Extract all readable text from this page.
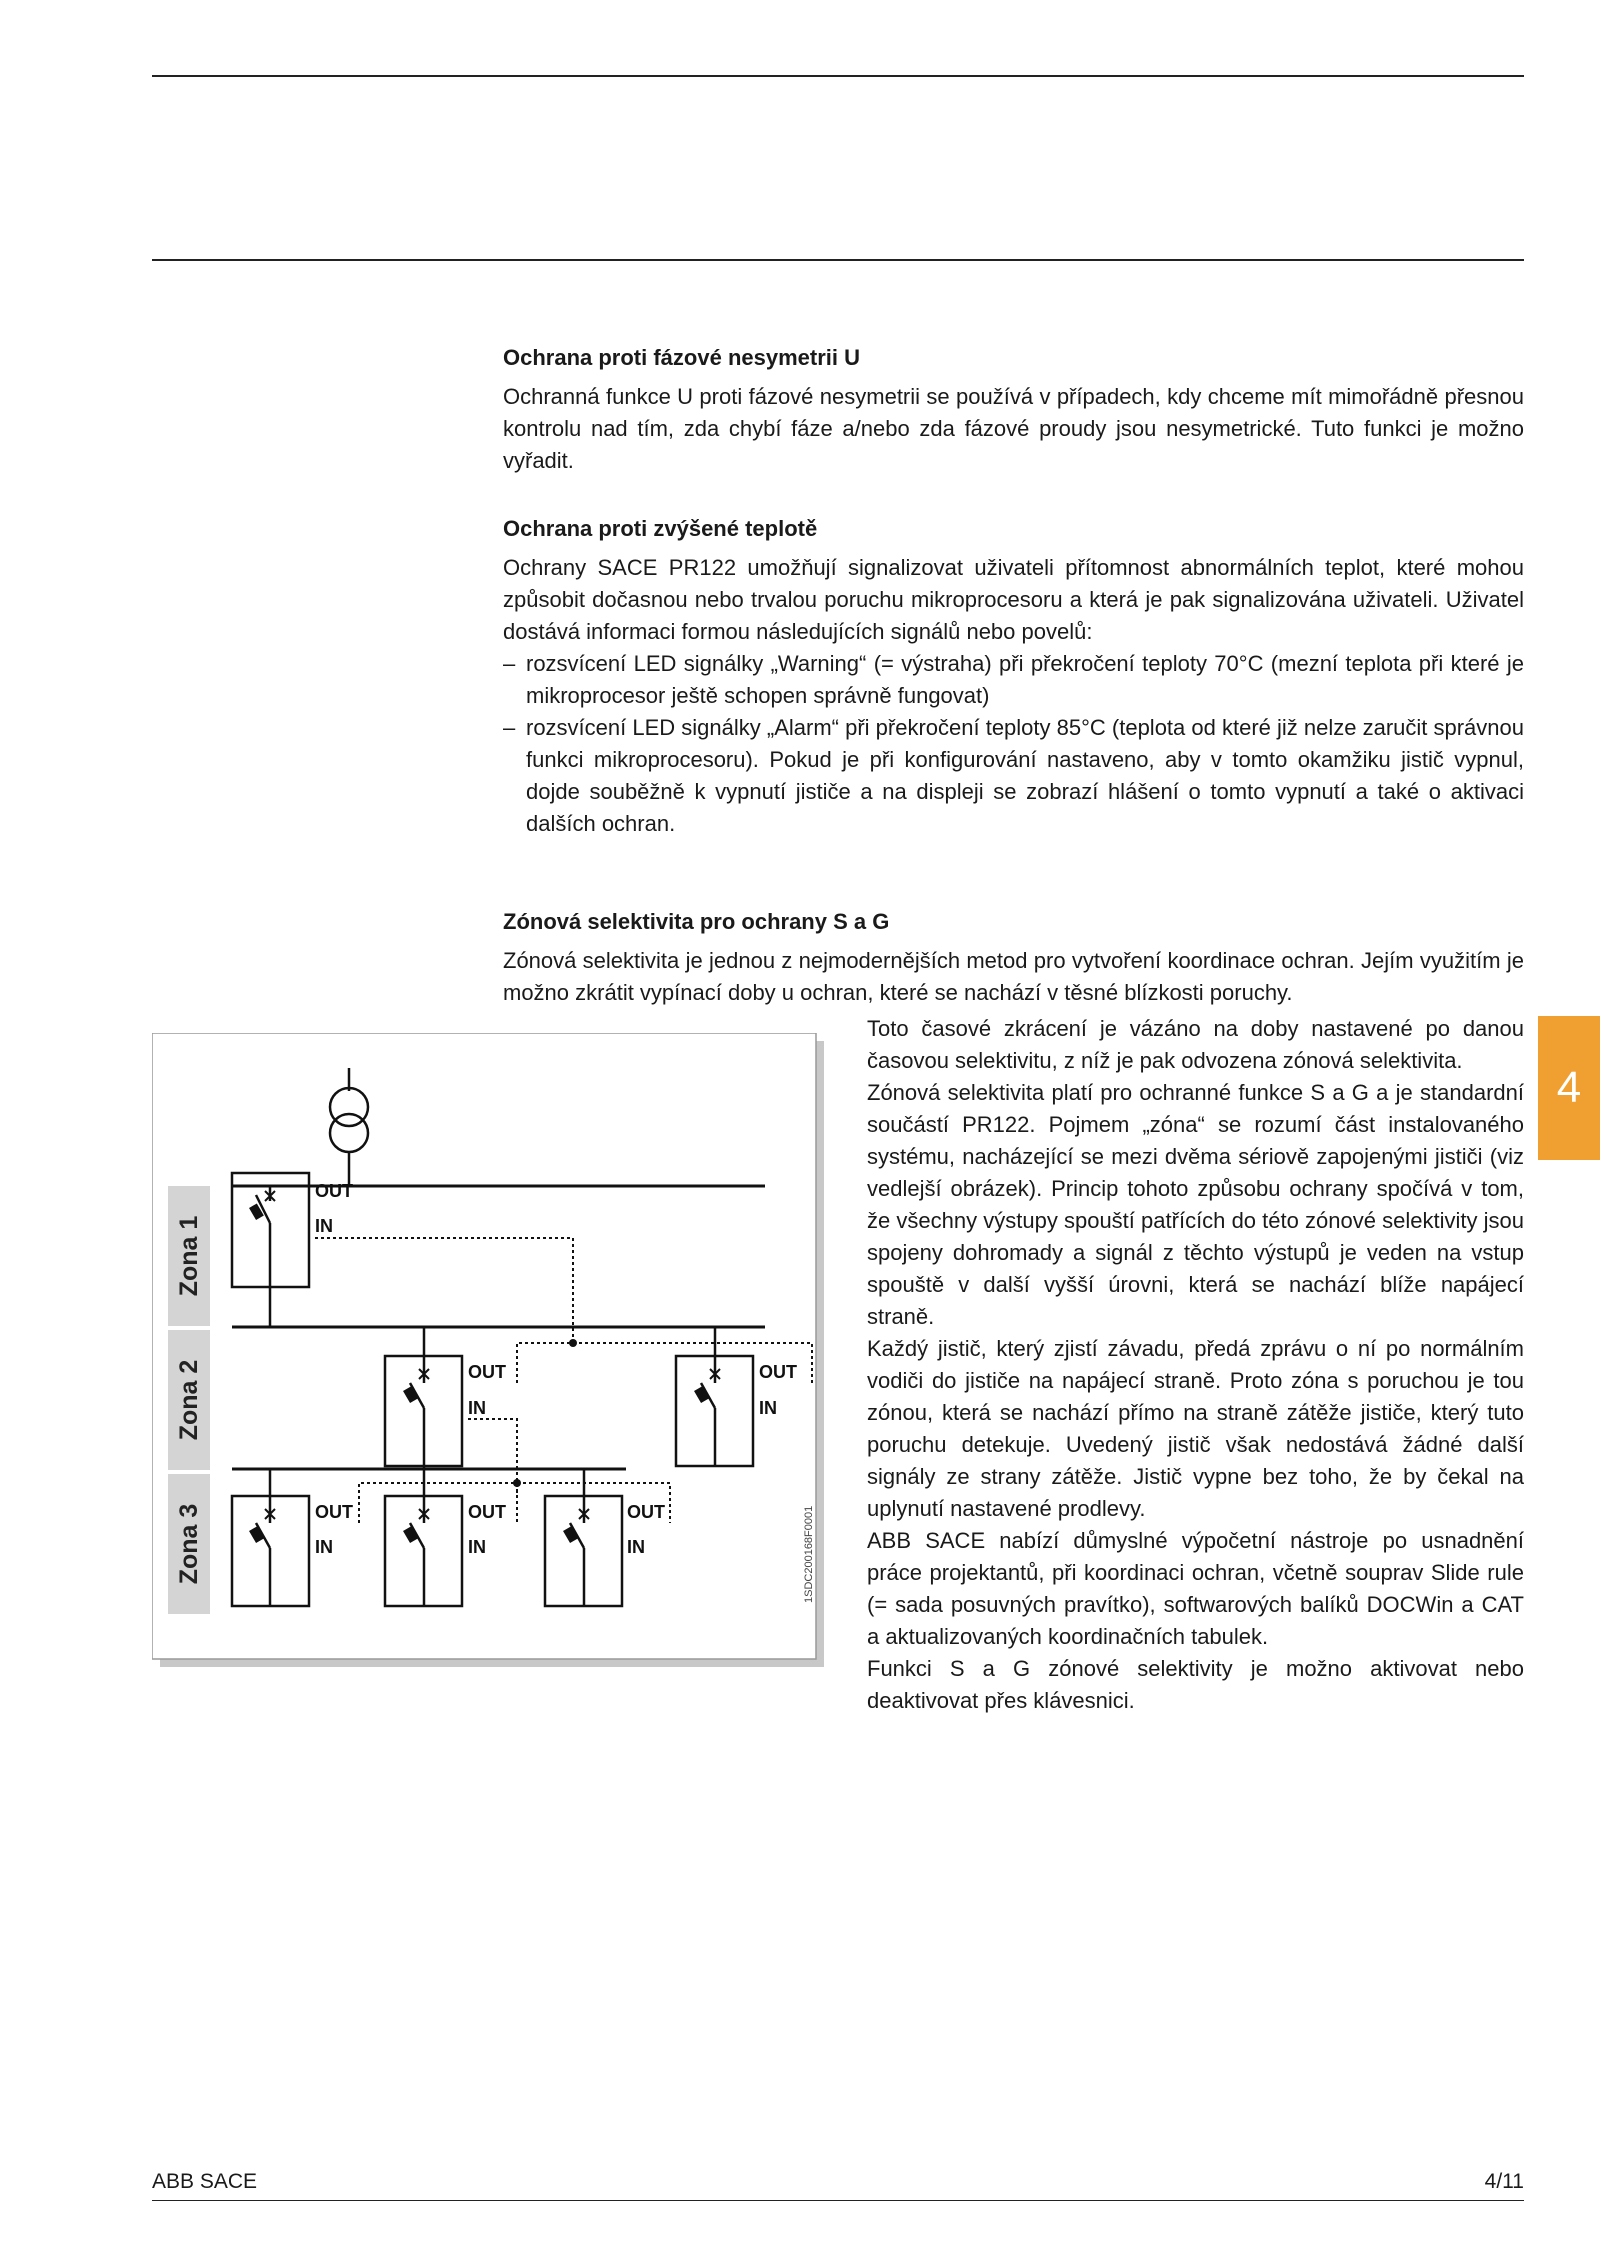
Ochrana proti fázové nesymetrii U

Ochranná funkce U proti fázové nesymetrii se používá v případech, kdy chceme mít mimořádně přesnou kontrolu nad tím, zda chybí fáze a/nebo zda fázové proudy jsou nesymetrické. Tuto funkci je možno vyřadit.

Ochrana proti zvýšené teplotě

Ochrany SACE PR122 umožňují signalizovat uživateli přítomnost abnormálních teplot, které mohou způsobit dočasnou nebo trvalou poruchu mikroprocesoru a která je pak signalizována uživateli. Uživatel dostává informaci formou následujících signálů nebo povelů:

– rozsvícení LED signálky „Warning“ (= výstraha) při překročení teploty 70°C (mezní teplota při které je mikroprocesor ještě schopen správně fungovat)
– rozsvícení LED signálky „Alarm“ při překročení teploty 85°C (teplota od které již nelze zaručit správnou funkci mikroprocesoru). Pokud je při konfigurování nastaveno, aby v tomto okamžiku jistič vypnul, dojde souběžně k vypnutí jističe a na displeji se zobrazí hlášení o tomto vypnutí a také o aktivaci dalších ochran.
Zónová selektivita pro ochrany S a G

Zónová selektivita je jednou z nejmodernějších metod pro vytvoření koordinace ochran. Jejím využitím je možno zkrátit vypínací doby u ochran, které se nachází v těsné blízkosti poruchy.

Toto časové zkrácení je vázáno na doby nastavené po danou časovou selektivitu, z níž je pak odvozena zónová selektivita.

Zónová selektivita platí pro ochranné funkce S a G a je standardní součástí PR122. Pojmem „zóna“ se rozumí část instalovaného systému, nacházející se mezi dvěma sériově zapojenými jističi (viz vedlejší obrázek). Princip tohoto způsobu ochrany spočívá v tom, že všechny výstupy spouští patřících do této zónové selektivity jsou spojeny dohromady a signál z těchto výstupů je veden na vstup spouště v další vyšší úrovni, která se nachází blíže napájecí straně.

Každý jistič, který zjistí závadu, předá zprávu o ní po normálním vodiči do jističe na napájecí straně. Proto zóna s poruchou je tou zónou, která se nachází přímo na straně zátěže jističe, který tuto poruchu detekuje. Uvedený jistič však nedostává žádné další signály ze strany zátěže. Jistič vypne bez toho, že by čekal na uplynutí nastavené prodlevy.

ABB SACE nabízí důmyslné výpočetní nástroje po usnadnění práce projektantů, při koordinaci ochran, včetně souprav Slide rule (= sada posuvných pravítko), softwarových balíků DOCWin a CAT a aktualizovaných koordinačních tabulek.

Funkci S a G zónové selektivity je možno aktivovat nebo deaktivovat přes klávesnici.

4
Zona 1
Zona 2
Zona 3
OUT
IN
OUT
IN
OUT
IN
OUT
IN
OUT
IN
OUT
IN	1SDC200168F0001
ABB SACE	4/11
